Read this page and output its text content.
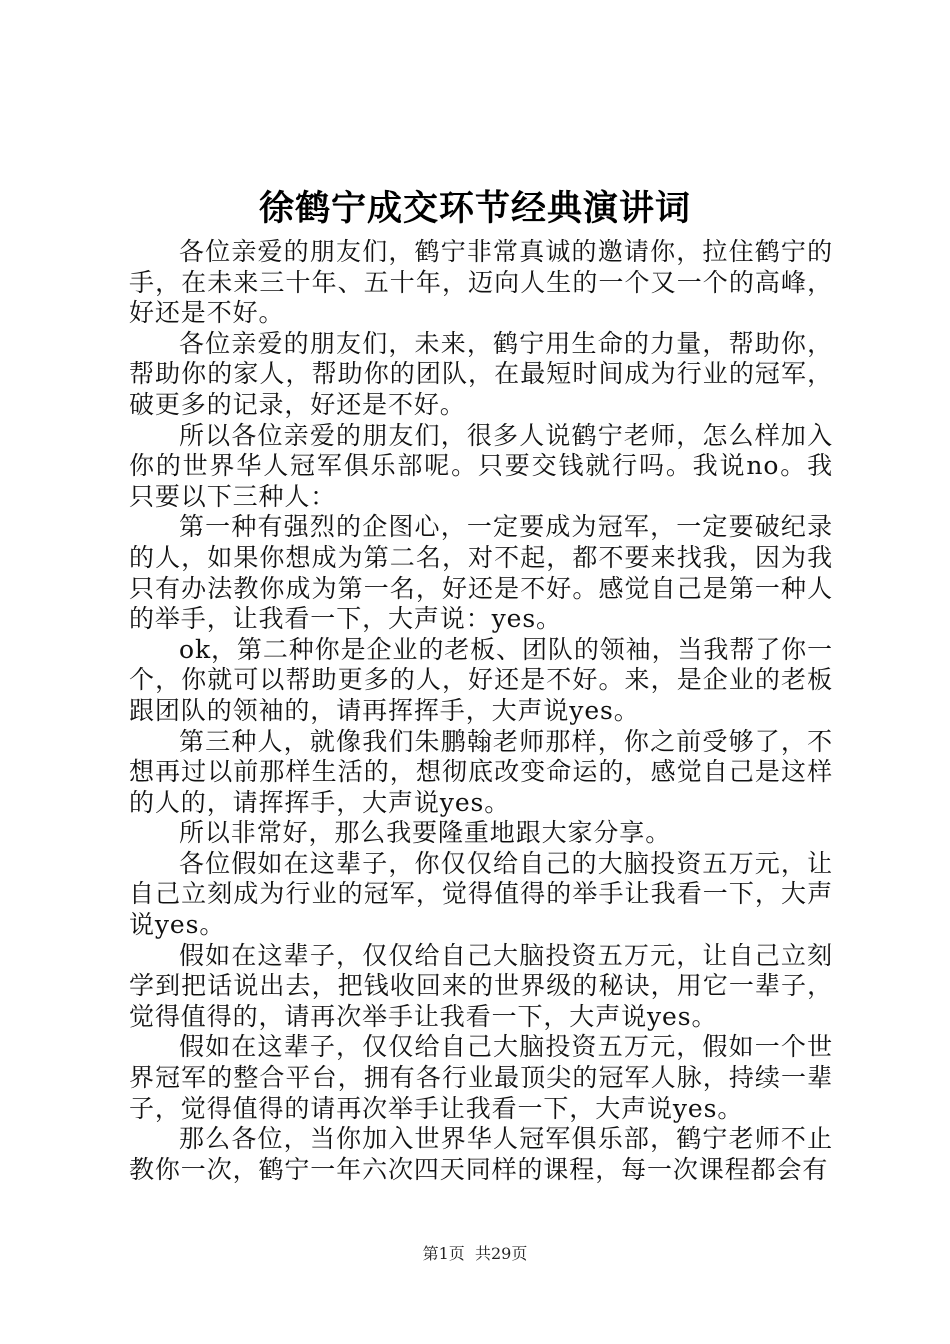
徐鹤宁成交环节经典演讲词

各位亲爱的朋友们，鹤宁非常真诚的邀请你，拉住鹤宁的手，在未来三十年、五十年，迈向人生的一个又一个的高峰，好还是不好。

各位亲爱的朋友们，未来，鹤宁用生命的力量，帮助你，帮助你的家人，帮助你的团队，在最短时间成为行业的冠军，破更多的记录，好还是不好。

所以各位亲爱的朋友们，很多人说鹤宁老师，怎么样加入你的世界华人冠军俱乐部呢。只要交钱就行吗。我说no。我只要以下三种人：

第一种有强烈的企图心，一定要成为冠军，一定要破纪录的人，如果你想成为第二名，对不起，都不要来找我，因为我只有办法教你成为第一名，好还是不好。感觉自己是第一种人的举手，让我看一下，大声说：yes。

ok，第二种你是企业的老板、团队的领袖，当我帮了你一个，你就可以帮助更多的人，好还是不好。来，是企业的老板跟团队的领袖的，请再挥挥手，大声说yes。

第三种人，就像我们朱鹏翰老师那样，你之前受够了，不想再过以前那样生活的，想彻底改变命运的，感觉自己是这样的人的，请挥挥手，大声说yes。

所以非常好，那么我要隆重地跟大家分享。

各位假如在这辈子，你仅仅给自己的大脑投资五万元，让自己立刻成为行业的冠军，觉得值得的举手让我看一下，大声说yes。

假如在这辈子，仅仅给自己大脑投资五万元，让自己立刻学到把话说出去，把钱收回来的世界级的秘诀，用它一辈子，觉得值得的，请再次举手让我看一下，大声说yes。

假如在这辈子，仅仅给自己大脑投资五万元，假如一个世界冠军的整合平台，拥有各行业最顶尖的冠军人脉，持续一辈子，觉得值得的请再次举手让我看一下，大声说yes。

那么各位，当你加入世界华人冠军俱乐部，鹤宁老师不止教你一次，鹤宁一年六次四天同样的课程，每一次课程都会有

第1页 共29页
